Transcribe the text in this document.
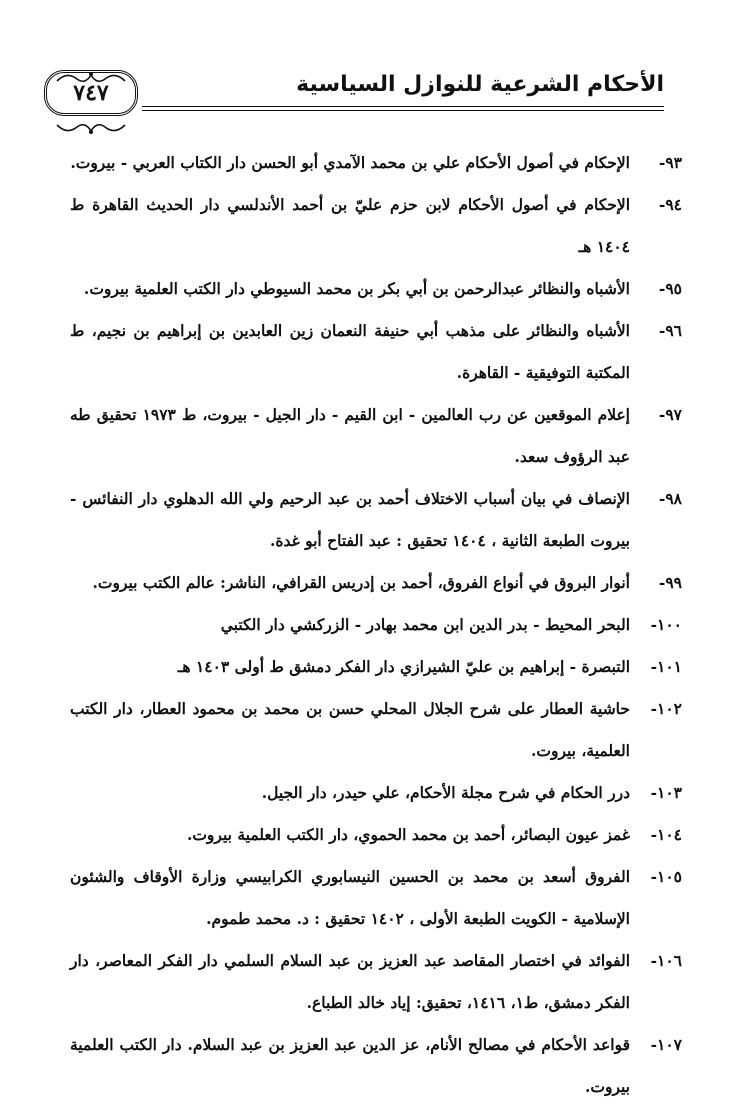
٧٤٧	الأحكام الشرعية للنوازل السياسية
٩٣-
الإحكام في أصول الأحكام علي بن محمد الآمدي أبو الحسن دار الكتاب العربي - بيروت.
٩٤-
الإحكام في أصول الأحكام لابن حزم عليّ بن أحمد الأندلسي دار الحديث القاهرة ط ١٤٠٤ هـ
٩٥-
الأشباه والنظائر عبدالرحمن بن أبي بكر بن محمد السيوطي دار الكتب العلمية بيروت.
٩٦-
الأشباه والنظائر على مذهب أبي حنيفة النعمان زين العابدين بن إبراهيم بن نجيم، ط المكتبة التوفيقية - القاهرة.
٩٧-
إعلام الموقعين عن رب العالمين - ابن القيم - دار الجيل - بيروت، ط ١٩٧٣ تحقيق طه عبد الرؤوف سعد.
٩٨-
الإنصاف في بيان أسباب الاختلاف أحمد بن عبد الرحيم ولي الله الدهلوي دار النفائس - بيروت الطبعة الثانية ، ١٤٠٤ تحقيق : عبد الفتاح أبو غدة.
٩٩-
أنوار البروق في أنواع الفروق، أحمد بن إدريس القرافي، الناشر: عالم الكتب بيروت.
١٠٠-
البحر المحيط - بدر الدين ابن محمد بهادر - الزركشي دار الكتبي
١٠١-
التبصرة - إبراهيم بن عليّ الشيرازي دار الفكر دمشق ط أولى ١٤٠٣ هـ
١٠٢-
حاشية العطار على شرح الجلال المحلي حسن بن محمد بن محمود العطار، دار الكتب العلمية، بيروت.
١٠٣-
درر الحكام في شرح مجلة الأحكام، علي حيدر، دار الجيل.
١٠٤-
غمز عيون البصائر، أحمد بن محمد الحموي، دار الكتب العلمية بيروت.
١٠٥-
الفروق أسعد بن محمد بن الحسين النيسابوري الكرابيسي وزارة الأوقاف والشئون الإسلامية - الكويت الطبعة الأولى ، ١٤٠٢ تحقيق : د. محمد طموم.
١٠٦-
الفوائد في اختصار المقاصد عبد العزيز بن عبد السلام السلمي دار الفكر المعاصر، دار الفكر دمشق، ط١، ١٤١٦، تحقيق: إياد خالد الطباع.
١٠٧-
قواعد الأحكام في مصالح الأنام، عز الدين عبد العزيز بن عبد السلام. دار الكتب العلمية بيروت.
